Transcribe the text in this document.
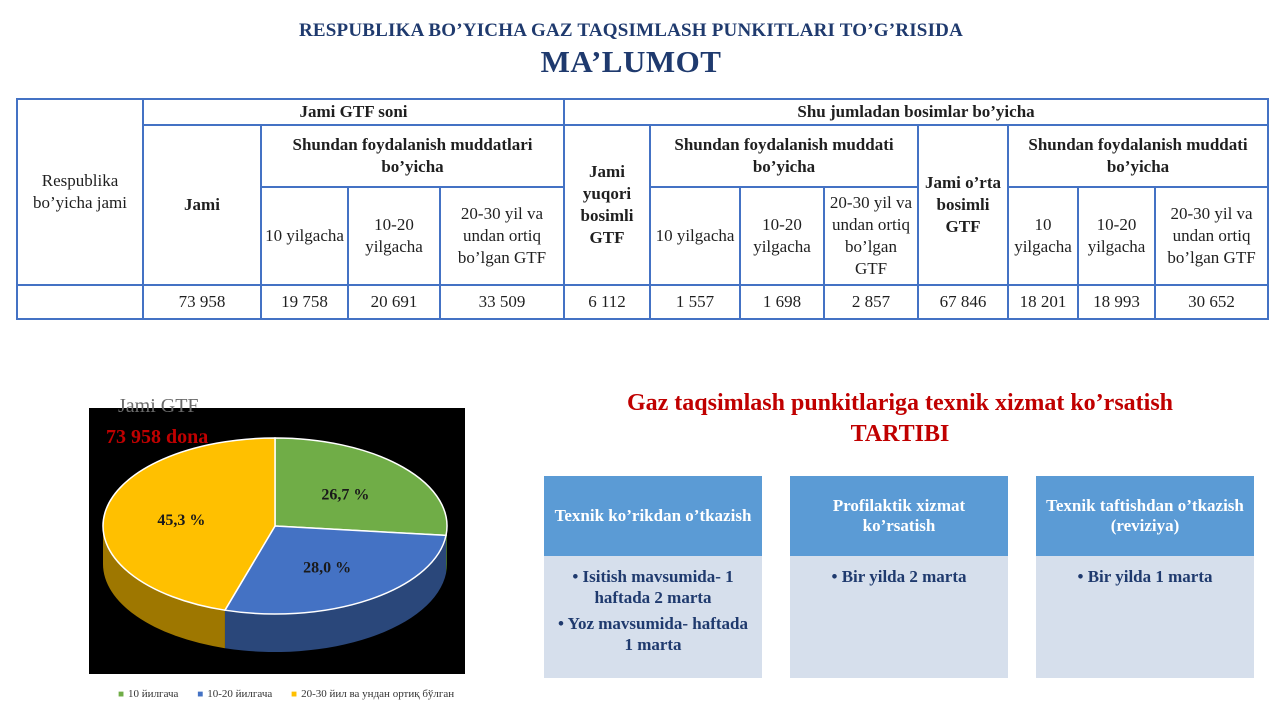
RESPUBLIKA BO’YICHA GAZ TAQSIMLASH PUNKITLARI TO’G’RISIDA
MA’LUMOT
Respublika bo’yicha jami	Jami GTF soni				Shu jumladan bosimlar bo’yicha							
	Jami	Shundan foydalanish muddatlari bo’yicha			Jami yuqori bosimli GTF	Shundan foydalanish muddati bo’yicha			Jami o’rta bosimli GTF	Shundan foydalanish muddati bo’yicha		
		10 yilgacha	10-20 yilgacha	20-30 yil va undan ortiq bo’lgan GTF		10 yilgacha	10-20 yilgacha	20-30 yil va undan ortiq bo’lgan GTF		10 yilgacha	10-20 yilgacha	20-30 yil va undan ortiq bo’lgan GTF
	73 958	19 758	20 691	33 509	6 112	1 557	1 698	2 857	67 846	18 201	18 993	30 652
26,7 %
28,0 %
45,3 %
Jami GTF
73 958 dona
■ 10 йилгача ■ 10-20 йилгача ■ 20-30 йил ва ундан ортиқ бўлган
Gaz taqsimlash punkitlariga texnik xizmat ko’rsatish
TARTIBI
Texnik ko’rikdan o’tkazish
• Isitish mavsumida- 1 haftada 2 marta
• Yoz mavsumida- haftada 1 marta
Profilaktik xizmat ko’rsatish
• Bir yilda 2 marta
Texnik taftishdan o’tkazish (reviziya)
• Bir yilda 1 marta
